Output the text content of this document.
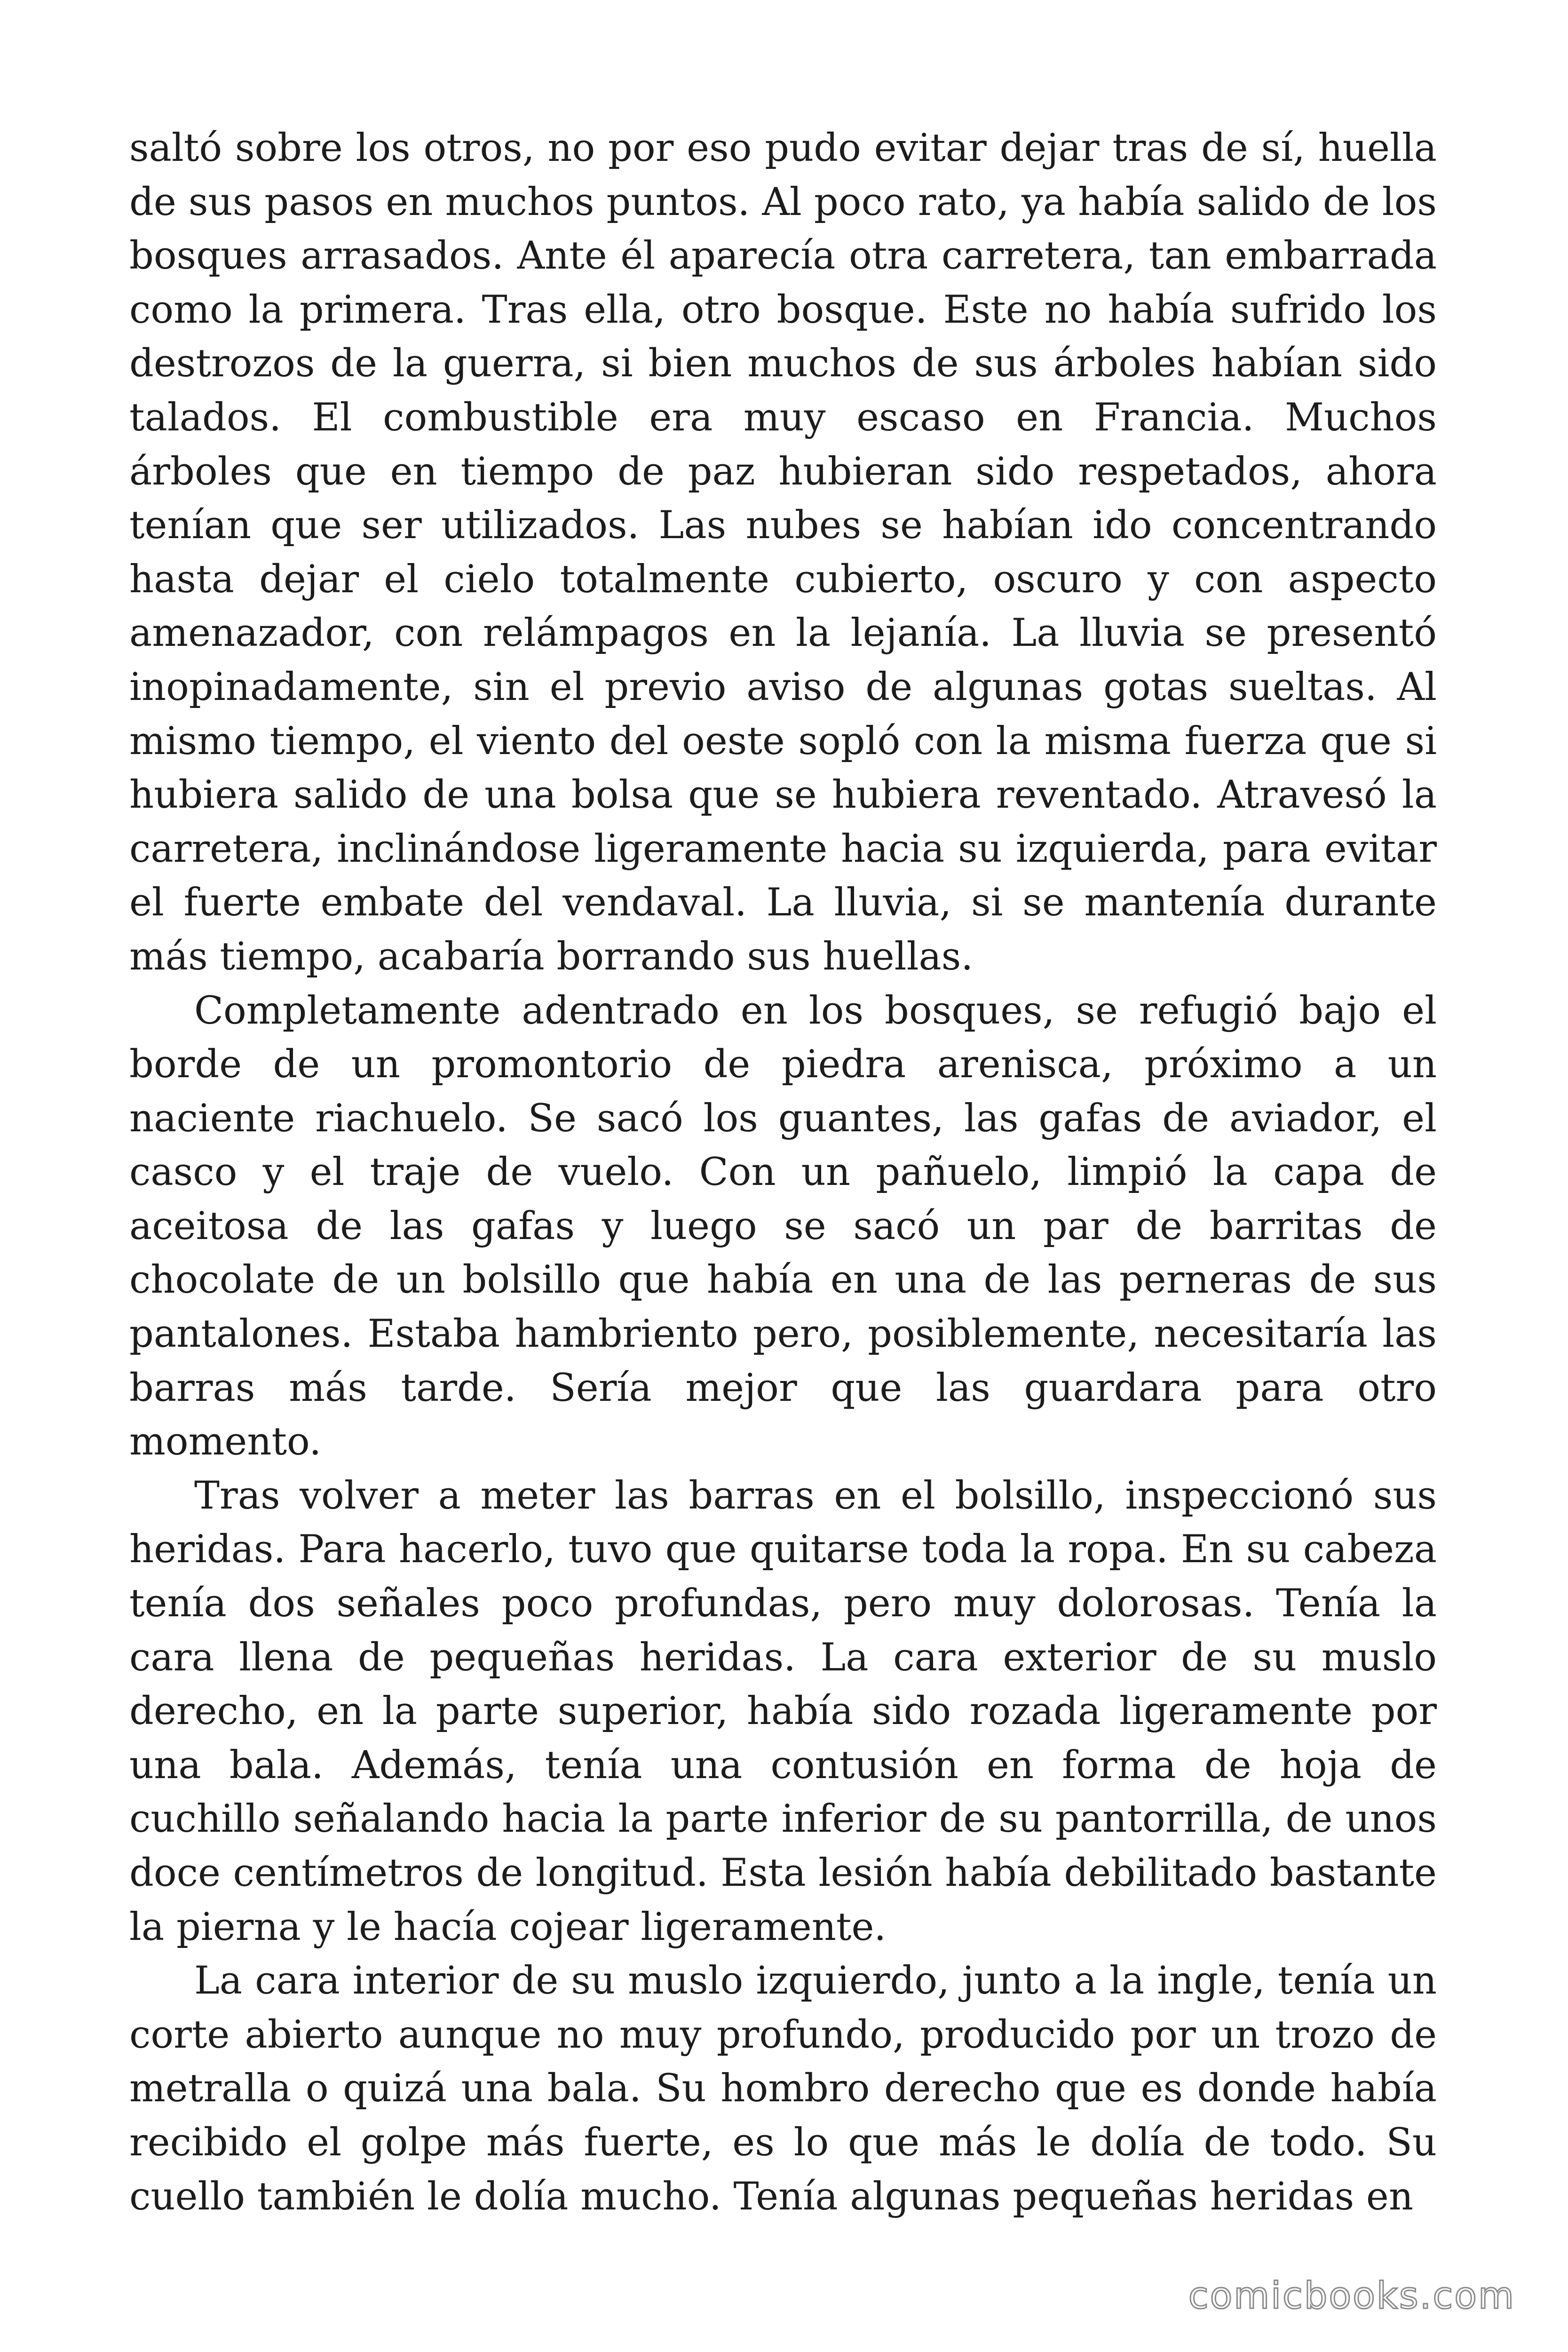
saltó sobre los otros, no por eso pudo evitar dejar tras de sí, huella de sus pasos en muchos puntos. Al poco rato, ya había salido de los bosques arrasados. Ante él aparecía otra carretera, tan embarrada como la primera. Tras ella, otro bosque. Este no había sufrido los destrozos de la guerra, si bien muchos de sus árboles habían sido talados. El combustible era muy escaso en Francia. Muchos árboles que en tiempo de paz hubieran sido respetados, ahora tenían que ser utilizados. Las nubes se habían ido concentrando hasta dejar el cielo totalmente cubierto, oscuro y con aspecto amenazador, con relámpagos en la lejanía. La lluvia se presentó inopinadamente, sin el previo aviso de algunas gotas sueltas. Al mismo tiempo, el viento del oeste sopló con la misma fuerza que si hubiera salido de una bolsa que se hubiera reventado. Atravesó la carretera, inclinándose ligeramente hacia su izquierda, para evitar el fuerte embate del vendaval. La lluvia, si se mantenía durante más tiempo, acabaría borrando sus huellas.

Completamente adentrado en los bosques, se refugió bajo el borde de un promontorio de piedra arenisca, próximo a un naciente riachuelo. Se sacó los guantes, las gafas de aviador, el casco y el traje de vuelo. Con un pañuelo, limpió la capa de aceitosa de las gafas y luego se sacó un par de barritas de chocolate de un bolsillo que había en una de las perneras de sus pantalones. Estaba hambriento pero, posiblemente, necesitaría las barras más tarde. Sería mejor que las guardara para otro momento.

Tras volver a meter las barras en el bolsillo, inspeccionó sus heridas. Para hacerlo, tuvo que quitarse toda la ropa. En su cabeza tenía dos señales poco profundas, pero muy dolorosas. Tenía la cara llena de pequeñas heridas. La cara exterior de su muslo derecho, en la parte superior, había sido rozada ligeramente por una bala. Además, tenía una contusión en forma de hoja de cuchillo señalando hacia la parte inferior de su pantorrilla, de unos doce centímetros de longitud. Esta lesión había debilitado bastante la pierna y le hacía cojear ligeramente.

La cara interior de su muslo izquierdo, junto a la ingle, tenía un corte abierto aunque no muy profundo, producido por un trozo de metralla o quizá una bala. Su hombro derecho que es donde había recibido el golpe más fuerte, es lo que más le dolía de todo. Su cuello también le dolía mucho. Tenía algunas pequeñas heridas en

comicbooks.com
